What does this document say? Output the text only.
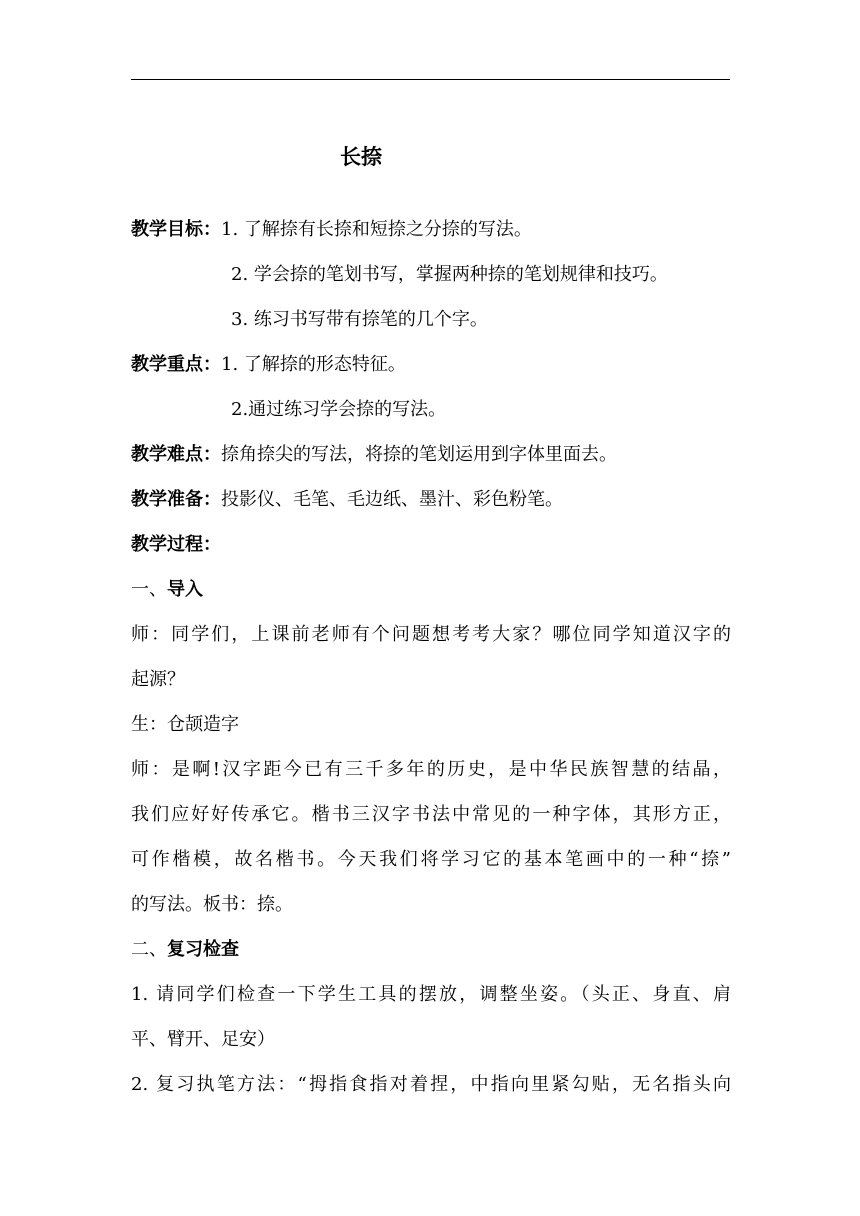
长捺
教学目标：1. 了解捺有长捺和短捺之分捺的写法。
2. 学会捺的笔划书写，掌握两种捺的笔划规律和技巧。
3. 练习书写带有捺笔的几个字。
教学重点：1. 了解捺的形态特征。
2.通过练习学会捺的写法。
教学难点：捺角捺尖的写法，将捺的笔划运用到字体里面去。
教学准备：投影仪、毛笔、毛边纸、墨汁、彩色粉笔。
教学过程：
一、导入
师：同学们，上课前老师有个问题想考考大家？哪位同学知道汉字的
起源？
生：仓颉造字
师：是啊!汉字距今已有三千多年的历史，是中华民族智慧的结晶，
我们应好好传承它。楷书三汉字书法中常见的一种字体，其形方正，
可作楷模，故名楷书。今天我们将学习它的基本笔画中的一种“捺”
的写法。板书：捺。
二、复习检查
1. 请同学们检查一下学生工具的摆放，调整坐姿。（头正、身直、肩
平、臂开、足安）
2. 复习执笔方法：“拇指食指对着捏，中指向里紧勾贴，无名指头向
